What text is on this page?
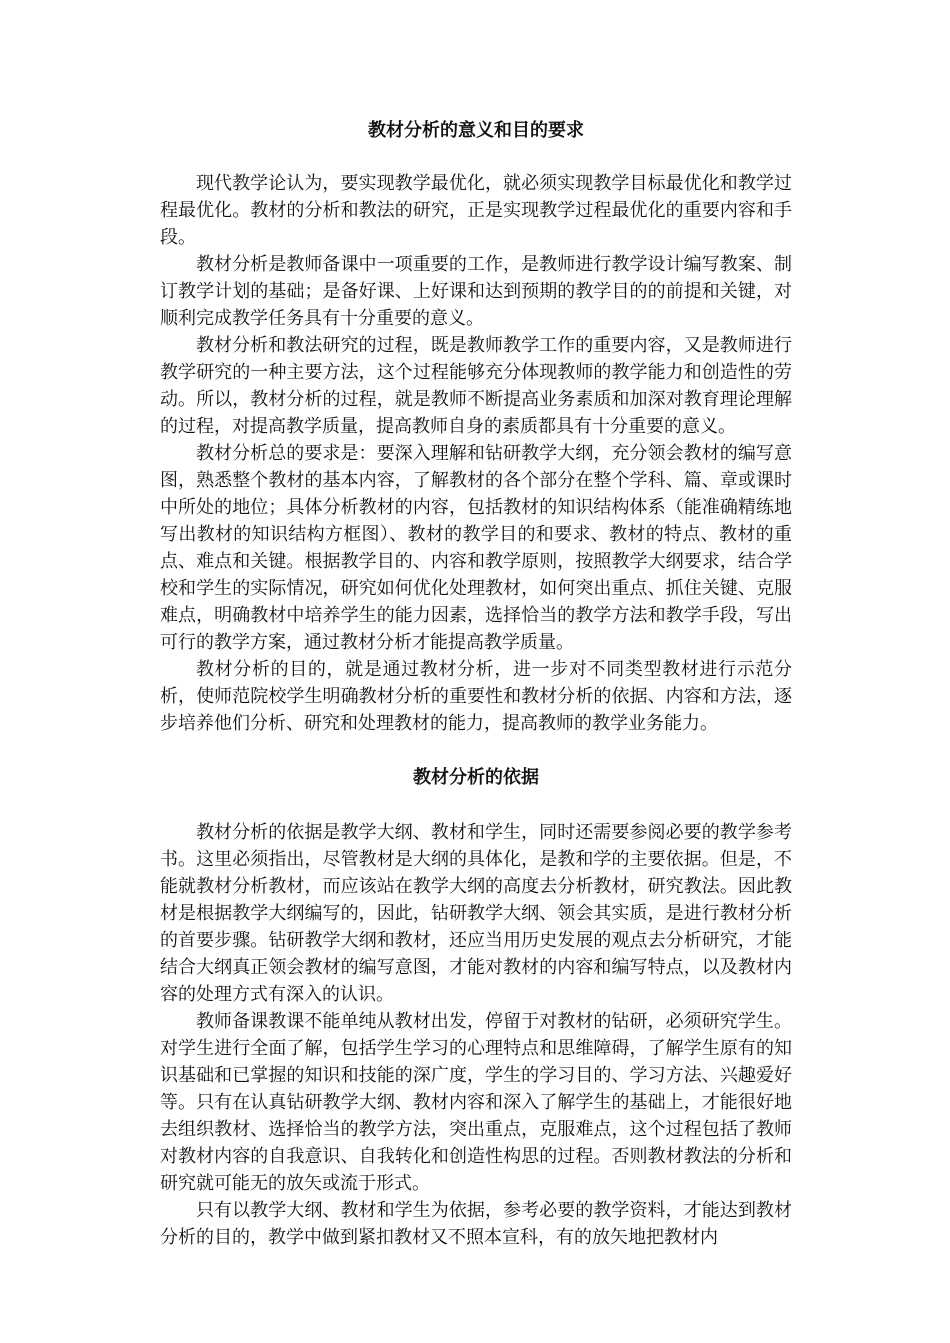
教材分析的意义和目的要求

现代教学论认为，要实现教学最优化，就必须实现教学目标最优化和教学过程最优化。教材的分析和教法的研究，正是实现教学过程最优化的重要内容和手段。

教材分析是教师备课中一项重要的工作，是教师进行教学设计编写教案、制订教学计划的基础；是备好课、上好课和达到预期的教学目的的前提和关键，对顺利完成教学任务具有十分重要的意义。

教材分析和教法研究的过程，既是教师教学工作的重要内容，又是教师进行教学研究的一种主要方法，这个过程能够充分体现教师的教学能力和创造性的劳动。所以，教材分析的过程，就是教师不断提高业务素质和加深对教育理论理解的过程，对提高教学质量，提高教师自身的素质都具有十分重要的意义。

教材分析总的要求是：要深入理解和钻研教学大纲，充分领会教材的编写意图，熟悉整个教材的基本内容，了解教材的各个部分在整个学科、篇、章或课时中所处的地位；具体分析教材的内容，包括教材的知识结构体系（能准确精练地写出教材的知识结构方框图）、教材的教学目的和要求、教材的特点、教材的重点、难点和关键。根据教学目的、内容和教学原则，按照教学大纲要求，结合学校和学生的实际情况，研究如何优化处理教材，如何突出重点、抓住关键、克服难点，明确教材中培养学生的能力因素，选择恰当的教学方法和教学手段，写出可行的教学方案，通过教材分析才能提高教学质量。

教材分析的目的，就是通过教材分析，进一步对不同类型教材进行示范分析，使师范院校学生明确教材分析的重要性和教材分析的依据、内容和方法，逐步培养他们分析、研究和处理教材的能力，提高教师的教学业务能力。

教材分析的依据

教材分析的依据是教学大纲、教材和学生，同时还需要参阅必要的教学参考书。这里必须指出，尽管教材是大纲的具体化，是教和学的主要依据。但是，不能就教材分析教材，而应该站在教学大纲的高度去分析教材，研究教法。因此教材是根据教学大纲编写的，因此，钻研教学大纲、领会其实质，是进行教材分析的首要步骤。钻研教学大纲和教材，还应当用历史发展的观点去分析研究，才能结合大纲真正领会教材的编写意图，才能对教材的内容和编写特点，以及教材内容的处理方式有深入的认识。

教师备课教课不能单纯从教材出发，停留于对教材的钻研，必须研究学生。对学生进行全面了解，包括学生学习的心理特点和思维障碍，了解学生原有的知识基础和已掌握的知识和技能的深广度，学生的学习目的、学习方法、兴趣爱好等。只有在认真钻研教学大纲、教材内容和深入了解学生的基础上，才能很好地去组织教材、选择恰当的教学方法，突出重点，克服难点，这个过程包括了教师对教材内容的自我意识、自我转化和创造性构思的过程。否则教材教法的分析和研究就可能无的放矢或流于形式。

只有以教学大纲、教材和学生为依据，参考必要的教学资料，才能达到教材分析的目的，教学中做到紧扣教材又不照本宣科，有的放矢地把教材内
